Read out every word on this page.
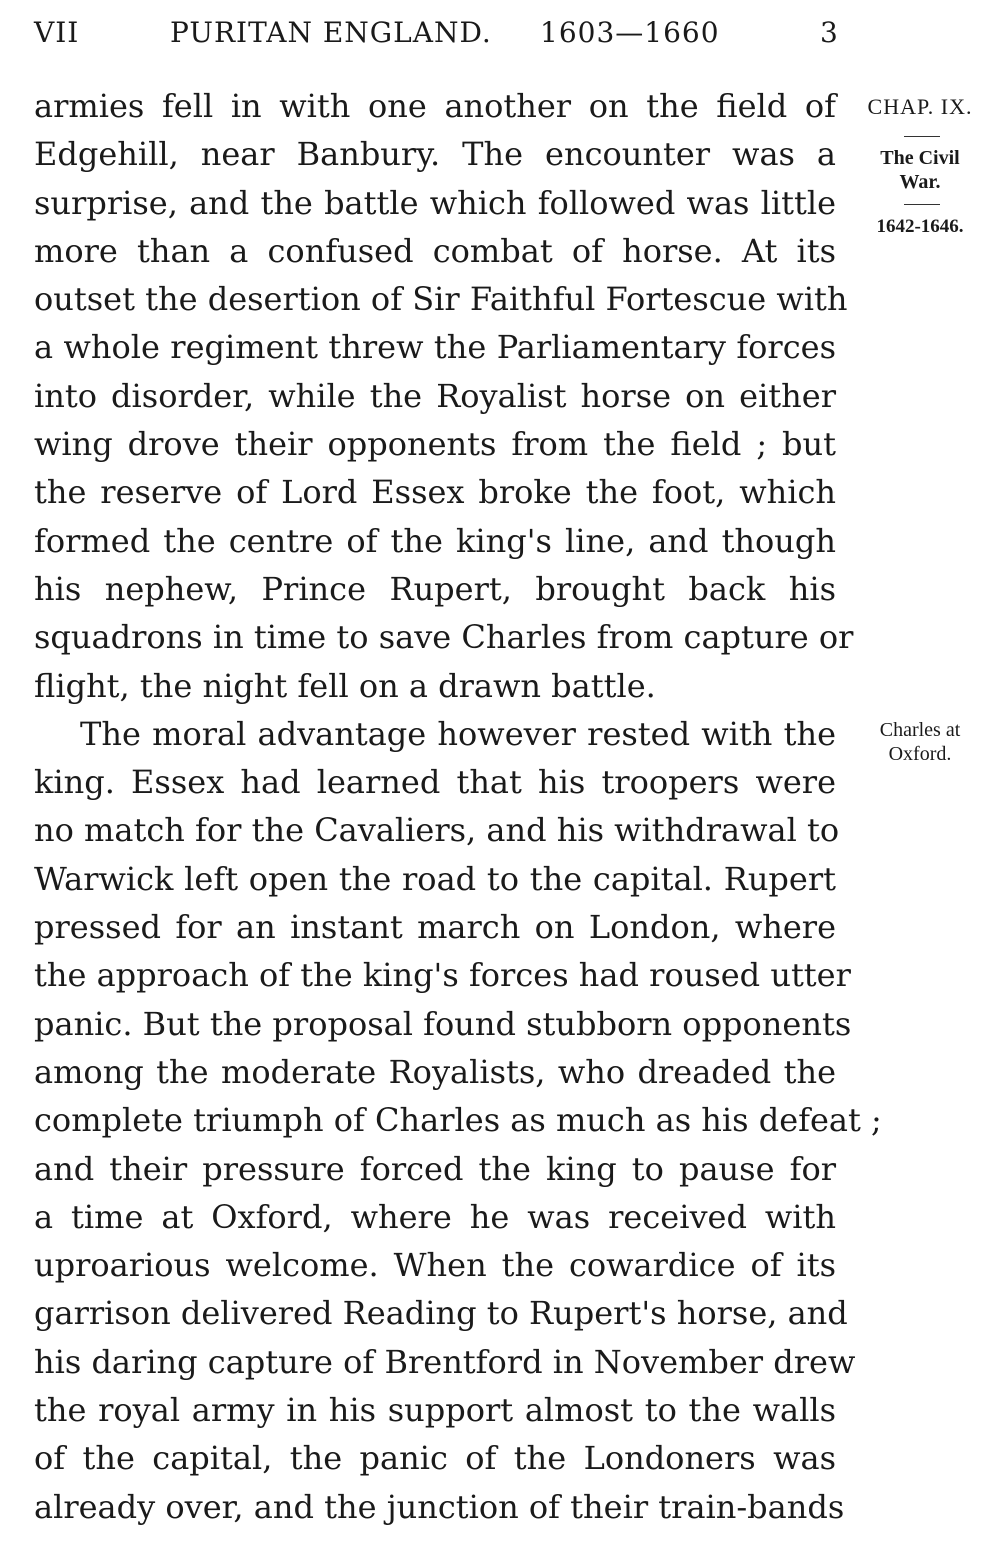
VII	PURITAN ENGLAND. 1603—1660	3
armies fell in with one another on the field of
Edgehill, near Banbury. The encounter was a
surprise, and the battle which followed was little
more than a confused combat of horse. At its
outset the desertion of Sir Faithful Fortescue with
a whole regiment threw the Parliamentary forces
into disorder, while the Royalist horse on either
wing drove their opponents from the field ; but
the reserve of Lord Essex broke the foot, which
formed the centre of the king's line, and though
his nephew, Prince Rupert, brought back his
squadrons in time to save Charles from capture or
flight, the night fell on a drawn battle.
The moral advantage however rested with the
king. Essex had learned that his troopers were
no match for the Cavaliers, and his withdrawal to
Warwick left open the road to the capital. Rupert
pressed for an instant march on London, where
the approach of the king's forces had roused utter
panic. But the proposal found stubborn opponents
among the moderate Royalists, who dreaded the
complete triumph of Charles as much as his defeat ;
and their pressure forced the king to pause for
a time at Oxford, where he was received with
uproarious welcome. When the cowardice of its
garrison delivered Reading to Rupert's horse, and
his daring capture of Brentford in November drew
the royal army in his support almost to the walls
of the capital, the panic of the Londoners was
already over, and the junction of their train-bands
CHAP. IX.
The Civil
War.
1642-1646.
Charles at
Oxford.
